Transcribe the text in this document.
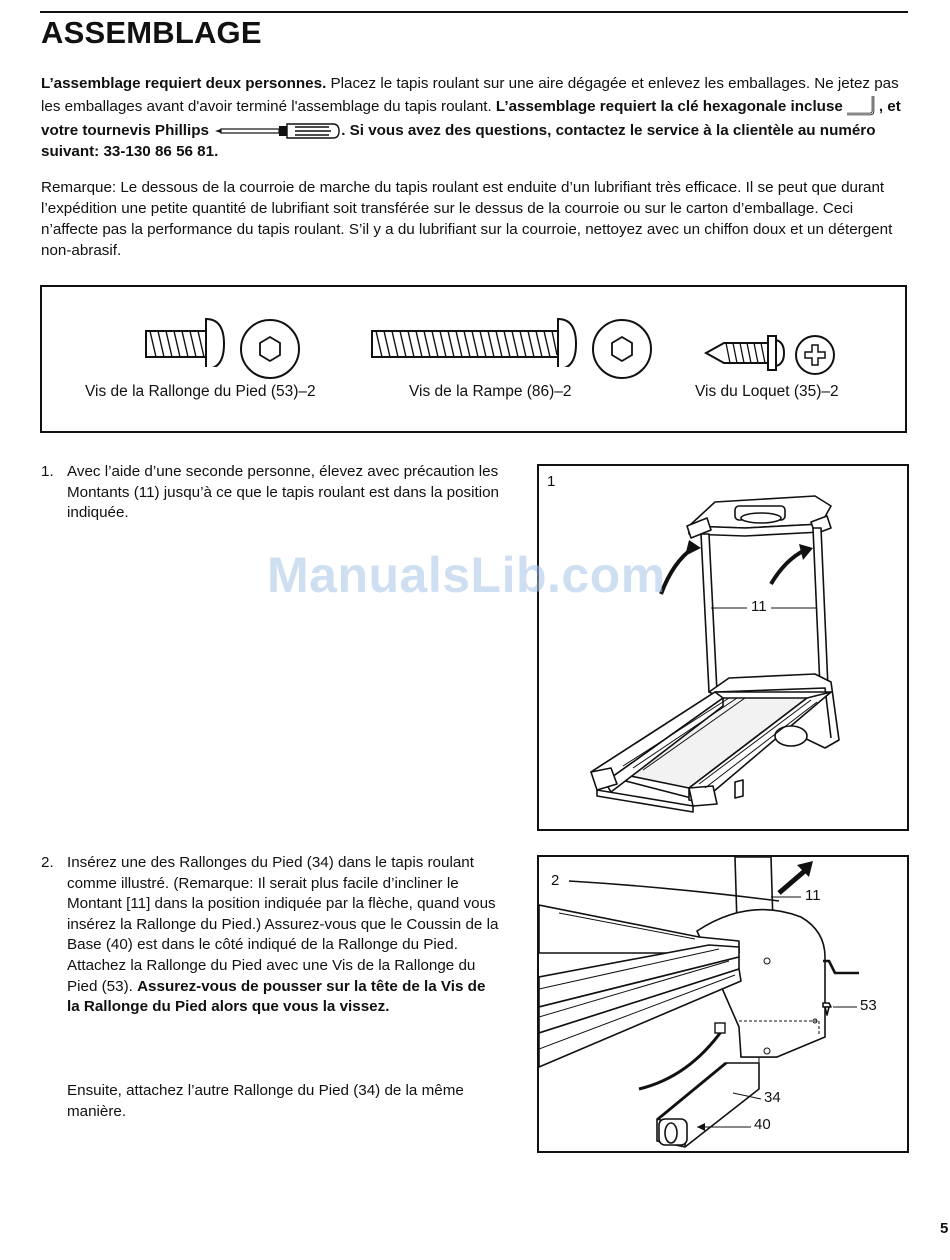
ASSEMBLAGE
L’assemblage requiert deux personnes. Placez le tapis roulant sur une aire dégagée et enlevez les emballages. Ne jetez pas les emballages avant d'avoir terminé l'assemblage du tapis roulant. L’assemblage requiert la clé hexagonale incluse , et votre tournevis Phillips	. Si vous avez des questions, contactez le service à la clientèle au numéro suivant: 33-130 86 56 81.
Remarque: Le dessous de la courroie de marche du tapis roulant est enduite d’un lubrifiant très efficace. Il se peut que durant l’expédition une petite quantité de lubrifiant soit transférée sur le dessus de la courroie ou sur le carton d’emballage. Ceci n’affecte pas la performance du tapis roulant. S’il y a du lubrifiant sur la courroie, nettoyez avec un chiffon doux et un détergent non-abrasif.
Vis de la Rallonge du Pied (53)–2	Vis de la Rampe (86)–2	Vis du Loquet (35)–2
1. Avec l’aide d’une seconde personne, élevez avec précaution les Montants (11) jusqu’à ce que le tapis roulant est dans la position indiquée.
2. Insérez une des Rallonges du Pied (34) dans le tapis roulant comme illustré. (Remarque: Il serait plus facile d’incliner le Montant [11] dans la position indiquée par la flèche, quand vous insérez la Rallonge du Pied.) Assurez-vous que le Coussin de la Base (40) est dans le côté indiqué de la Rallonge du Pied. Attachez la Rallonge du Pied avec une Vis de la Rallonge du Pied (53). Assurez-vous de pousser sur la tête de la Vis de la Rallonge du Pied alors que vous la vissez.
Ensuite, attachez l’autre Rallonge du Pied (34) de la même manière.
1
11
2
11
53
34
40
ManualsLib.com
5
